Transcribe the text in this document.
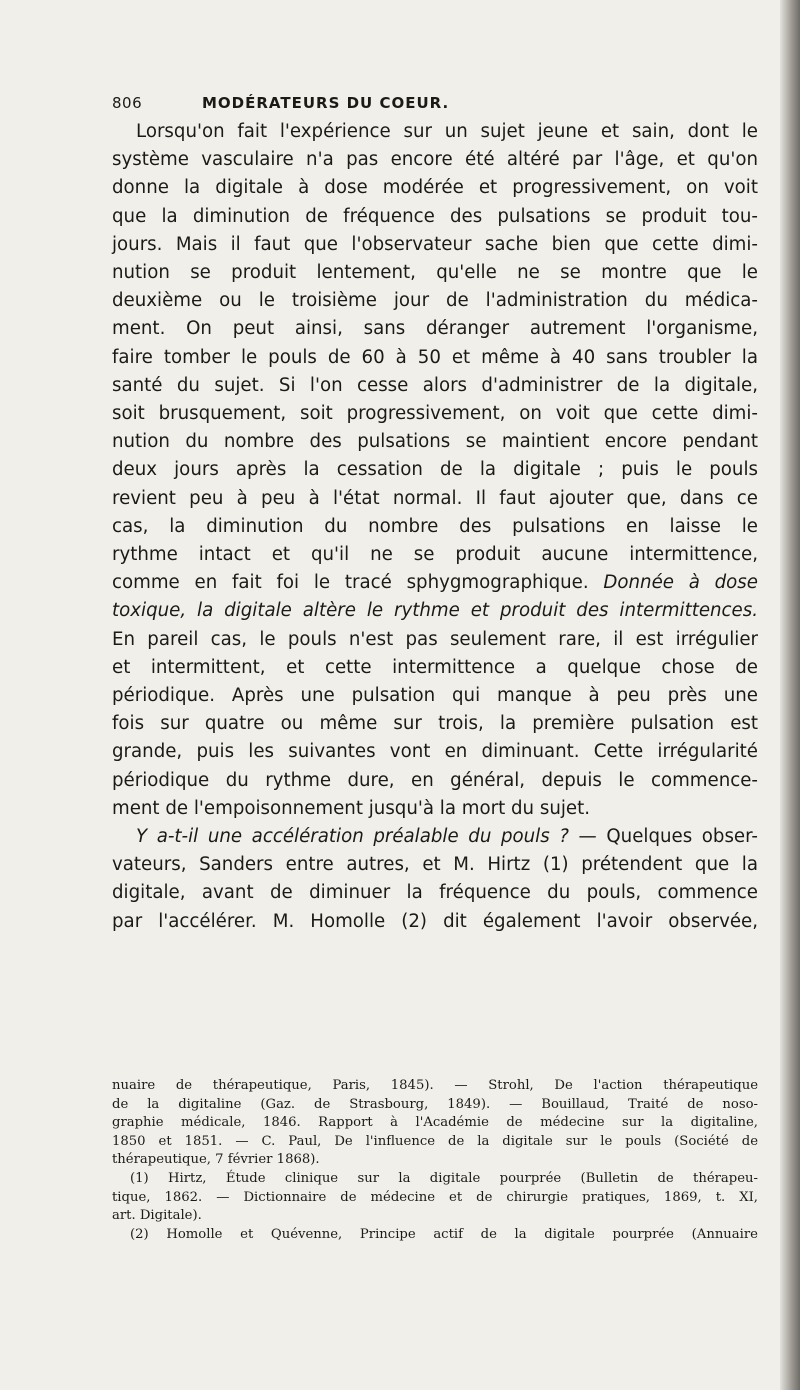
806	MODÉRATEURS DU COEUR.
Lorsqu'on fait l'expérience sur un sujet jeune et sain, dont le
système vasculaire n'a pas encore été altéré par l'âge, et qu'on
donne la digitale à dose modérée et progressivement, on voit
que la diminution de fréquence des pulsations se produit tou-
jours. Mais il faut que l'observateur sache bien que cette dimi-
nution se produit lentement, qu'elle ne se montre que le
deuxième ou le troisième jour de l'administration du médica-
ment. On peut ainsi, sans déranger autrement l'organisme,
faire tomber le pouls de 60 à 50 et même à 40 sans troubler la
santé du sujet. Si l'on cesse alors d'administrer de la digitale,
soit brusquement, soit progressivement, on voit que cette dimi-
nution du nombre des pulsations se maintient encore pendant
deux jours après la cessation de la digitale ; puis le pouls
revient peu à peu à l'état normal. Il faut ajouter que, dans ce
cas, la diminution du nombre des pulsations en laisse le
rythme intact et qu'il ne se produit aucune intermittence,
comme en fait foi le tracé sphygmographique. Donnée à dose
toxique, la digitale altère le rythme et produit des intermittences.
En pareil cas, le pouls n'est pas seulement rare, il est irrégulier
et intermittent, et cette intermittence a quelque chose de
périodique. Après une pulsation qui manque à peu près une
fois sur quatre ou même sur trois, la première pulsation est
grande, puis les suivantes vont en diminuant. Cette irrégularité
périodique du rythme dure, en général, depuis le commence-
ment de l'empoisonnement jusqu'à la mort du sujet.
Y a-t-il une accélération préalable du pouls ? — Quelques obser-
vateurs, Sanders entre autres, et M. Hirtz (1) prétendent que la
digitale, avant de diminuer la fréquence du pouls, commence
par l'accélérer. M. Homolle (2) dit également l'avoir observée,
nuaire de thérapeutique, Paris, 1845). — Strohl, De l'action thérapeutique
de la digitaline (Gaz. de Strasbourg, 1849). — Bouillaud, Traité de noso-
graphie médicale, 1846. Rapport à l'Académie de médecine sur la digitaline,
1850 et 1851. — C. Paul, De l'influence de la digitale sur le pouls (Société de
thérapeutique, 7 février 1868).
(1) Hirtz, Étude clinique sur la digitale pourprée (Bulletin de thérapeu-
tique, 1862. — Dictionnaire de médecine et de chirurgie pratiques, 1869, t. XI,
art. Digitale).
(2) Homolle et Quévenne, Principe actif de la digitale pourprée (Annuaire
